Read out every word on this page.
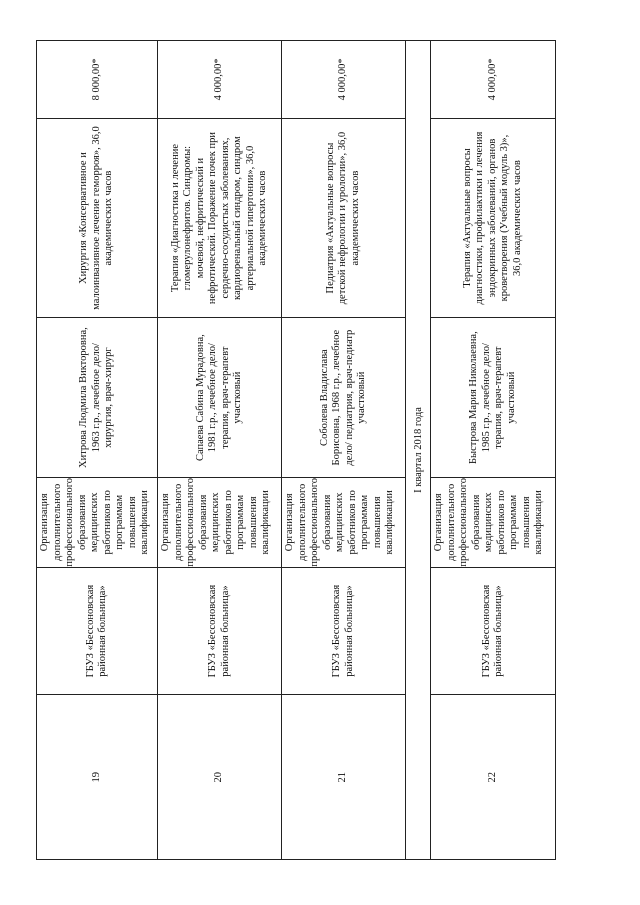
19
ГБУЗ «Бессоновская районная больница»
Организация дополнительного профессионального образования медицинских работников по программам повышения квалификации
Хитрова Людмила Викторовна, 1963 г.р., лечебное дело/ хирургия, врач-хирург
Хирургия «Консервативное и малоинвазивное лечение геморроя», 36,0 академических часов
8 000,00*
20
ГБУЗ «Бессоновская районная больница»
Организация дополнительного профессионального образования медицинских работников по программам повышения квалификации
Сапаева Сабина Мурадовна, 1981 г.р., лечебное дело/ терапия, врач-терапевт участковый
Терапия «Диагностика и лечение гломерулонефритов. Синдромы: мочевой, нефритический и нефротический. Поражение почек при сердечно-сосудистых заболеваниях, кардиоренальный синдром, синдром артериальной гипертонии», 36,0 академических часов
4 000,00*
21
ГБУЗ «Бессоновская районная больница»
Организация дополнительного профессионального образования медицинских работников по программам повышения квалификации
Соболева Владислава Борисовна, 1968 г.р., лечебное дело/ педиатрия, врач-педиатр участковый
Педиатрия «Актуальные вопросы детской нефрологии и урологии», 36,0 академических часов
4 000,00*
I квартал 2018 года
22
ГБУЗ «Бессоновская районная больница»
Организация дополнительного профессионального образования медицинских работников по программам повышения квалификации
Быстрова Мария Николаевна, 1985 г.р., лечебное дело/ терапия, врач-терапевт участковый
Терапия «Актуальные вопросы диагностики, профилактики и лечения эндокринных заболеваний, органов кроветворения (Учебный модуль 3)», 36,0 академических часов
4 000,00*
